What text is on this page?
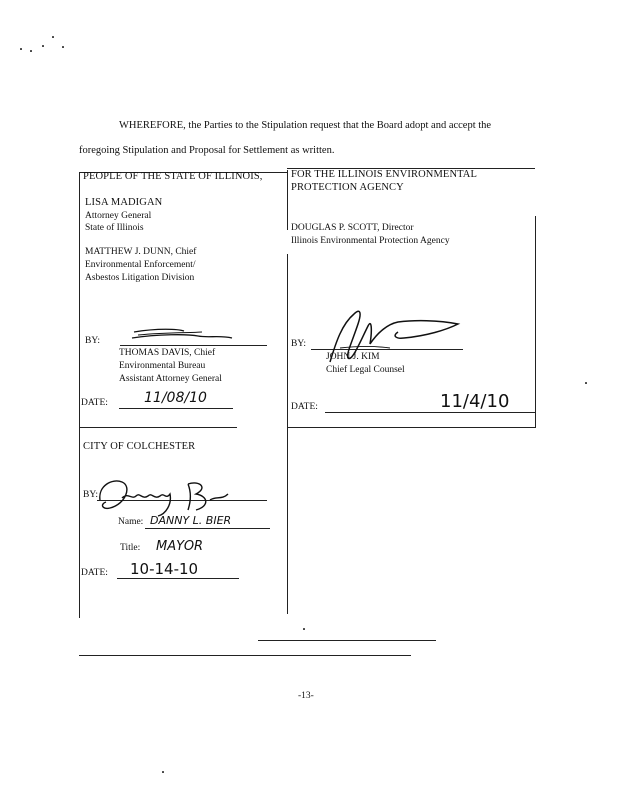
WHEREFORE, the Parties to the Stipulation request that the Board adopt and accept the
foregoing Stipulation and Proposal for Settlement as written.
PEOPLE OF THE STATE OF ILLINOIS,
LISA MADIGAN
Attorney General
State of Illinois
MATTHEW J. DUNN, Chief
Environmental Enforcement/
Asbestos Litigation Division
BY:
THOMAS DAVIS, Chief
Environmental Bureau
Assistant Attorney General
DATE:	11/08/10
FOR THE ILLINOIS ENVIRONMENTAL
PROTECTION AGENCY
DOUGLAS P. SCOTT, Director
Illinois Environmental Protection Agency
BY:
JOHN J. KIM
Chief Legal Counsel
DATE:	11/4/10
CITY OF COLCHESTER
BY:
Name: DANNY L. BIER
Title: MAYOR
DATE: 10-14-10
-13-
